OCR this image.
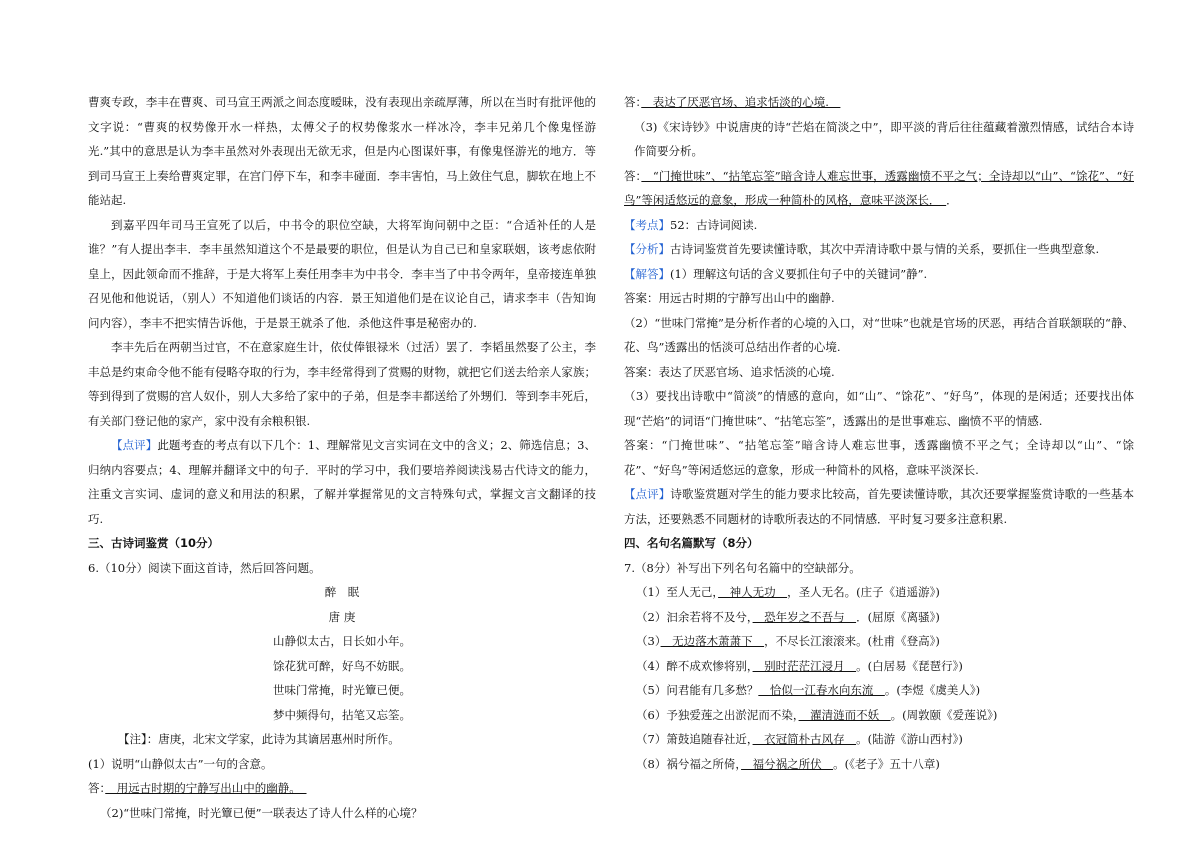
曹爽专政，李丰在曹爽、司马宣王两派之间态度暧昧，没有表现出亲疏厚薄，所以在当时有批评他的文字说：“曹爽的权势像开水一样热，太傅父子的权势像浆水一样冰冷，李丰兄弟几个像鬼怪游光.”其中的意思是认为李丰虽然对外表现出无欲无求，但是内心图谋奸事，有像鬼怪游光的地方．等到司马宣王上奏给曹爽定罪，在宫门停下车，和李丰碰面．李丰害怕，马上敛住气息，脚软在地上不能站起.

到嘉平四年司马王宣死了以后，中书令的职位空缺，大将军询问朝中之臣：“合适补任的人是谁？”有人提出李丰．李丰虽然知道这个不是最要的职位，但是认为自己已和皇家联姻，该考虑依附皇上，因此领命而不推辞，于是大将军上奏任用李丰为中书令．李丰当了中书令两年，皇帝接连单独召见他和他说话，（别人）不知道他们谈话的内容．景王知道他们是在议论自己，请求李丰（告知询问内容），李丰不把实情告诉他，于是景王就杀了他．杀他这件事是秘密办的.

李丰先后在两朝当过官，不在意家庭生计，依仗俸银禄米（过活）罢了．李韬虽然娶了公主，李丰总是约束命令他不能有侵略夺取的行为，李丰经常得到了赏赐的财物，就把它们送去给亲人家族；等到得到了赏赐的宫人奴仆，别人大多给了家中的子弟，但是李丰都送给了外甥们．等到李丰死后，有关部门登记他的家产，家中没有余粮积银.

【点评】此题考查的考点有以下几个：1、理解常见文言实词在文中的含义；2、筛选信息；3、归纳内容要点；4、理解并翻译文中的句子．平时的学习中，我们要培养阅读浅易古代诗文的能力，注重文言实词、虚词的意义和用法的积累，了解并掌握常见的文言特殊句式，掌握文言文翻译的技巧.

三、古诗词鉴赏（10分）

6.（10分）阅读下面这首诗，然后回答问题。

醉　眠

唐 庚

山静似太古，日长如小年。

馀花犹可醉，好鸟不妨眠。

世味门常掩，时光簟已便。

梦中频得句，拈笔又忘筌。

【注】：唐庚，北宋文学家，此诗为其谪居惠州时所作。

(1）说明“山静似太古”一句的含意。

答：　用远古时期的宁静写出山中的幽静。　

（2)“世味门常掩，时光簟已便”一联表达了诗人什么样的心境？

答：　表达了厌恶官场、追求恬淡的心境.　

（3)《宋诗钞》中说唐庚的诗“芒焰在简淡之中”，即平淡的背后往往蕴藏着激烈情感，试结合本诗作简要分析。

答：　“门掩世味”、“拈笔忘筌”暗含诗人难忘世事，透露幽愤不平之气；全诗却以“山”、“馀花”、“好鸟”等闲适悠远的意象，形成一种简朴的风格，意味平淡深长．　．

【考点】52：古诗词阅读.

【分析】古诗词鉴赏首先要读懂诗歌，其次中弄清诗歌中景与情的关系，要抓住一些典型意象.

【解答】(1）理解这句话的含义要抓住句子中的关键词”静”.

答案：用远古时期的宁静写出山中的幽静.

（2）“世味门常掩”是分析作者的心境的入口，对“世味”也就是官场的厌恶，再结合首联颔联的“静、花、鸟”透露出的恬淡可总结出作者的心境.

答案：表达了厌恶官场、追求恬淡的心境.

（3）要找出诗歌中“简淡”的情感的意向，如“山”、“馀花”、“好鸟”，体现的是闲适；还要找出体现“芒焰”的词语“门掩世味”、“拈笔忘筌”，透露出的是世事难忘、幽愤不平的情感.

答案：“门掩世味”、“拈笔忘筌”暗含诗人难忘世事，透露幽愤不平之气；全诗却以“山”、“馀花”、“好鸟”等闲适悠远的意象，形成一种简朴的风格，意味平淡深长.

【点评】诗歌鉴赏题对学生的能力要求比较高，首先要读懂诗歌，其次还要掌握鉴赏诗歌的一些基本方法，还要熟悉不同题材的诗歌所表达的不同情感．平时复习要多注意积累.

四、名句名篇默写（8分）

7.（8分）补写出下列名句名篇中的空缺部分。

（1）至人无己，　神人无功　，圣人无名。(庄子《逍遥游》)

（2）汩余若将不及兮，　恐年岁之不吾与　．(屈原《离骚》)

（3）　无边落木萧萧下　，不尽长江滚滚来。(杜甫《登高》)

（4）醉不成欢惨将别，　别时茫茫江浸月　。(白居易《琵琶行》)

（5）问君能有几多愁？　恰似一江春水向东流　。(李煜《虞美人》)

（6）予独爱莲之出淤泥而不染，　濯清涟而不妖　。(周敦颐《爱莲说》)

（7）箫鼓追随春社近，　衣冠简朴古风存　。(陆游《游山西村》)

（8）祸兮福之所倚，　福兮祸之所伏　。(《老子》五十八章)
